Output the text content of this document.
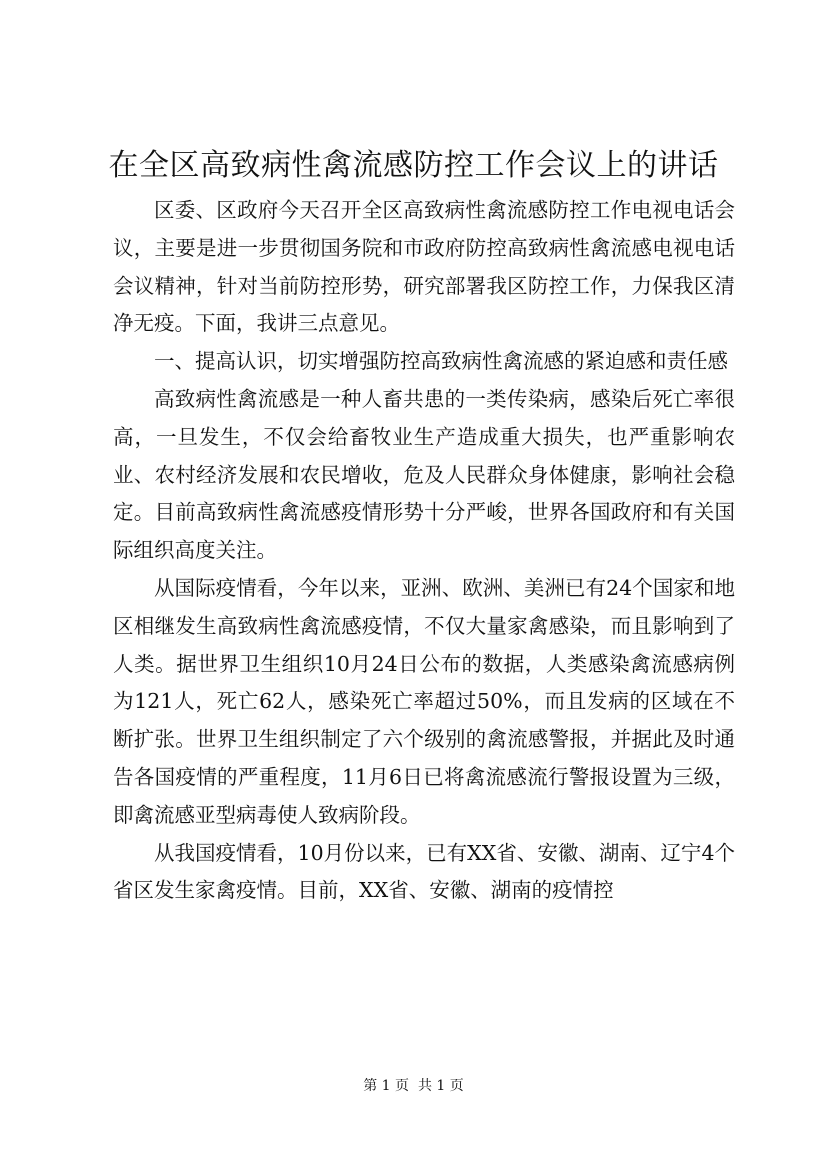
在全区高致病性禽流感防控工作会议上的讲话

区委、区政府今天召开全区高致病性禽流感防控工作电视电话会议，主要是进一步贯彻国务院和市政府防控高致病性禽流感电视电话会议精神，针对当前防控形势，研究部署我区防控工作，力保我区清净无疫。下面，我讲三点意见。

一、提高认识，切实增强防控高致病性禽流感的紧迫感和责任感

高致病性禽流感是一种人畜共患的一类传染病，感染后死亡率很高，一旦发生，不仅会给畜牧业生产造成重大损失，也严重影响农业、农村经济发展和农民增收，危及人民群众身体健康，影响社会稳定。目前高致病性禽流感疫情形势十分严峻，世界各国政府和有关国际组织高度关注。

从国际疫情看，今年以来，亚洲、欧洲、美洲已有24个国家和地区相继发生高致病性禽流感疫情，不仅大量家禽感染，而且影响到了人类。据世界卫生组织10月24日公布的数据，人类感染禽流感病例为121人，死亡62人，感染死亡率超过50%，而且发病的区域在不断扩张。世界卫生组织制定了六个级别的禽流感警报，并据此及时通告各国疫情的严重程度，11月6日已将禽流感流行警报设置为三级，即禽流感亚型病毒使人致病阶段。

从我国疫情看，10月份以来，已有XX省、安徽、湖南、辽宁4个省区发生家禽疫情。目前，XX省、安徽、湖南的疫情控

第 1 页  共 1 页
